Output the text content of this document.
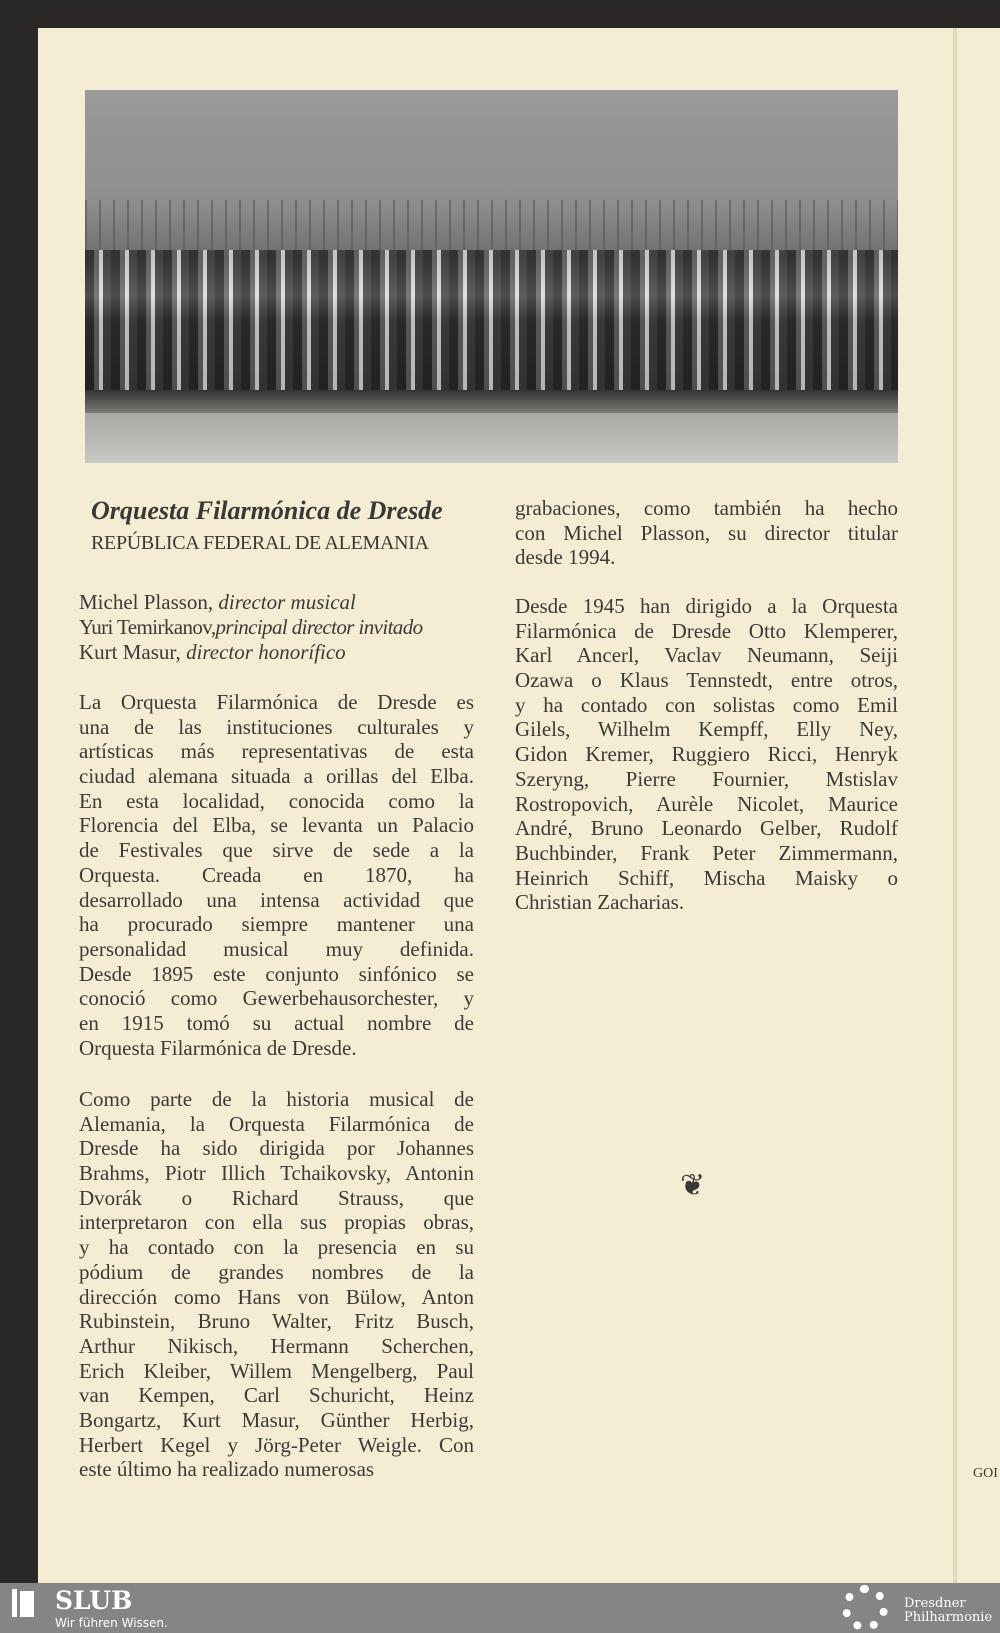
Orquesta Filarmónica de Dresde
REPÚBLICA FEDERAL DE ALEMANIA
Michel Plasson, director musical
Yuri Temirkanov,principal director invitado
Kurt Masur, director honorífico
La Orquesta Filarmónica de Dresde es
una de las instituciones culturales y
artísticas más representativas de esta
ciudad alemana situada a orillas del Elba.
En esta localidad, conocida como la
Florencia del Elba, se levanta un Palacio
de Festivales que sirve de sede a la
Orquesta. Creada en 1870, ha
desarrollado una intensa actividad que
ha procurado siempre mantener una
personalidad musical muy definida.
Desde 1895 este conjunto sinfónico se
conoció como Gewerbehausorchester, y
en 1915 tomó su actual nombre de
Orquesta Filarmónica de Dresde.
Como parte de la historia musical de
Alemania, la Orquesta Filarmónica de
Dresde ha sido dirigida por Johannes
Brahms, Piotr Illich Tchaikovsky, Antonin
Dvorák o Richard Strauss, que
interpretaron con ella sus propias obras,
y ha contado con la presencia en su
pódium de grandes nombres de la
dirección como Hans von Bülow, Anton
Rubinstein, Bruno Walter, Fritz Busch,
Arthur Nikisch, Hermann Scherchen,
Erich Kleiber, Willem Mengelberg, Paul
van Kempen, Carl Schuricht, Heinz
Bongartz, Kurt Masur, Günther Herbig,
Herbert Kegel y Jörg-Peter Weigle. Con
este último ha realizado numerosas
grabaciones, como también ha hecho
con Michel Plasson, su director titular
desde 1994.
Desde 1945 han dirigido a la Orquesta
Filarmónica de Dresde Otto Klemperer,
Karl Ancerl, Vaclav Neumann, Seiji
Ozawa o Klaus Tennstedt, entre otros,
y ha contado con solistas como Emil
Gilels, Wilhelm Kempff, Elly Ney,
Gidon Kremer, Ruggiero Ricci, Henryk
Szeryng, Pierre Fournier, Mstislav
Rostropovich, Aurèle Nicolet, Maurice
André, Bruno Leonardo Gelber, Rudolf
Buchbinder, Frank Peter Zimmermann,
Heinrich Schiff, Mischa Maisky o
Christian Zacharias.
❦
GOI
SLUB
Wir führen Wissen.
Dresdner
Philharmonie
